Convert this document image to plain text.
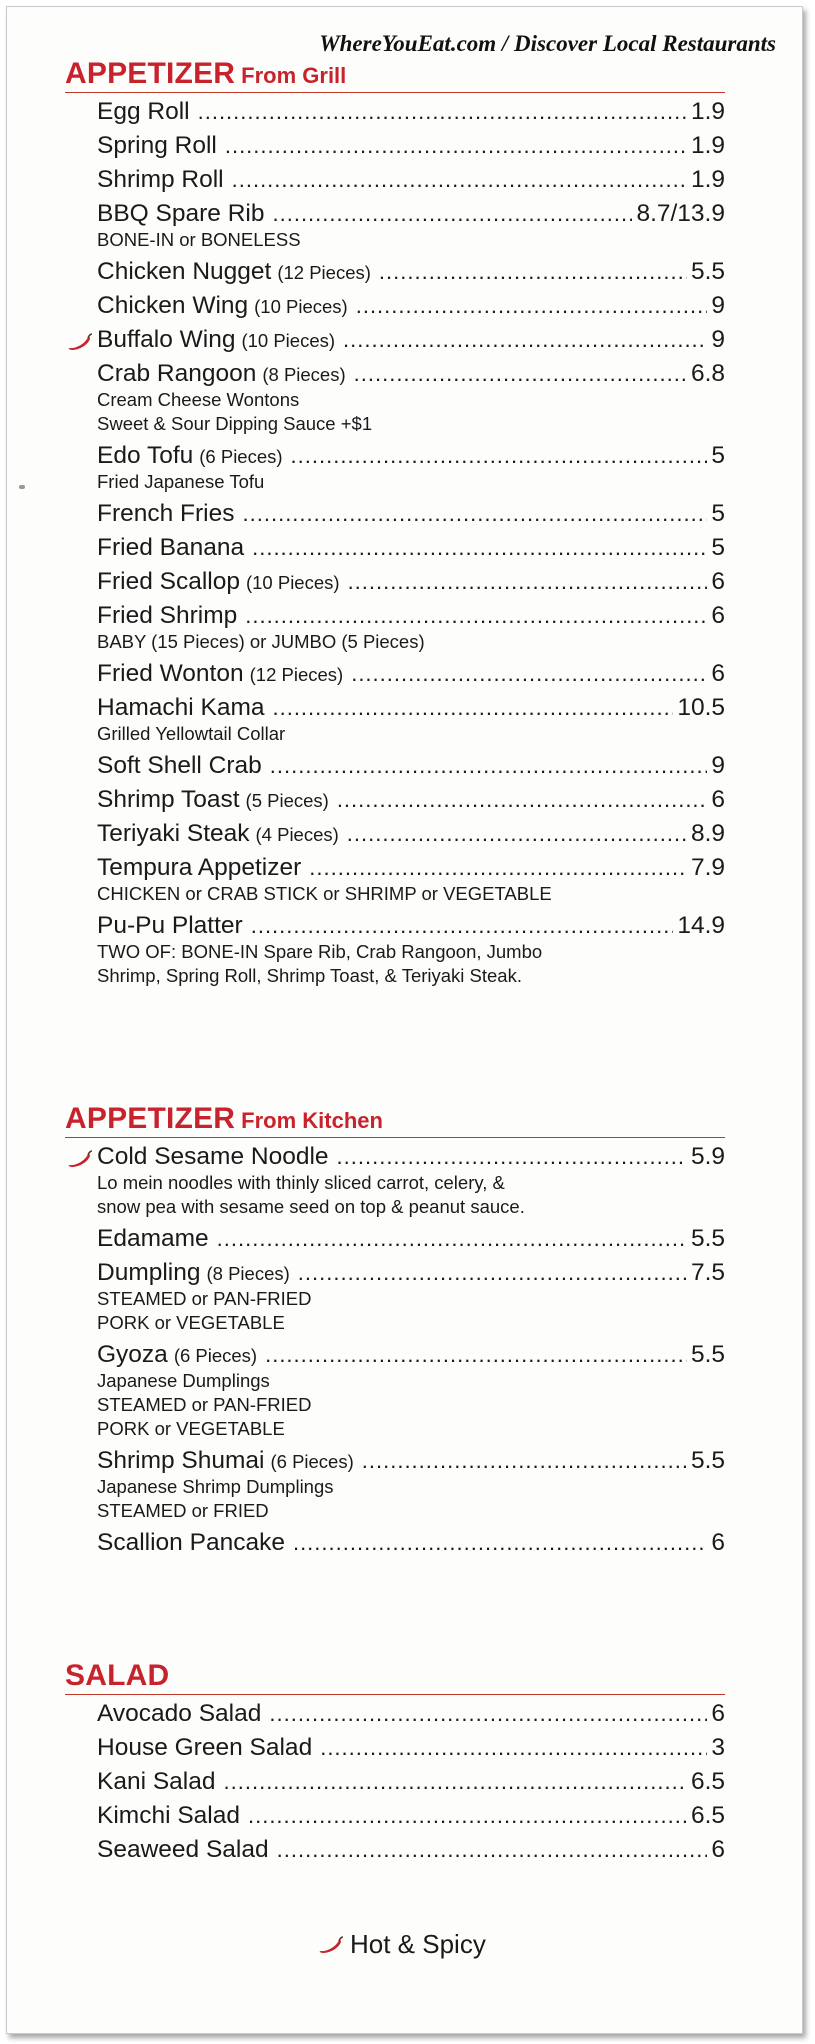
WhereYouEat.com / Discover Local Restaurants
APPETIZER From Grill
Egg Roll .....	1.9
Spring Roll .....	1.9
Shrimp Roll .....	1.9
BBQ Spare Rib .....	8.7/13.9
BONE-IN or BONELESS
Chicken Nugget (12 Pieces) .....	5.5
Chicken Wing (10 Pieces) .....	9
Buffalo Wing (10 Pieces) .....	9
Crab Rangoon (8 Pieces) .....	6.8
Cream Cheese Wontons
Sweet & Sour Dipping Sauce +$1
Edo Tofu (6 Pieces) .....	5
Fried Japanese Tofu
French Fries .....	5
Fried Banana .....	5
Fried Scallop (10 Pieces) .....	6
Fried Shrimp .....	6
BABY (15 Pieces) or JUMBO (5 Pieces)
Fried Wonton (12 Pieces) .....	6
Hamachi Kama .....	10.5
Grilled Yellowtail Collar
Soft Shell Crab .....	9
Shrimp Toast (5 Pieces) .....	6
Teriyaki Steak (4 Pieces) .....	8.9
Tempura Appetizer .....	7.9
CHICKEN or CRAB STICK or SHRIMP or VEGETABLE
Pu-Pu Platter .....	14.9
TWO OF: BONE-IN Spare Rib, Crab Rangoon, Jumbo
Shrimp, Spring Roll, Shrimp Toast, & Teriyaki Steak.
APPETIZER From Kitchen
Cold Sesame Noodle .....	5.9
Lo mein noodles with thinly sliced carrot, celery, &
snow pea with sesame seed on top & peanut sauce.
Edamame .....	5.5
Dumpling (8 Pieces) .....	7.5
STEAMED or PAN-FRIED
PORK or VEGETABLE
Gyoza (6 Pieces) .....	5.5
Japanese Dumplings
STEAMED or PAN-FRIED
PORK or VEGETABLE
Shrimp Shumai (6 Pieces) .....	5.5
Japanese Shrimp Dumplings
STEAMED or FRIED
Scallion Pancake .....	6
SALAD
Avocado Salad .....	6
House Green Salad .....	3
Kani Salad .....	6.5
Kimchi Salad .....	6.5
Seaweed Salad .....	6
Hot & Spicy
